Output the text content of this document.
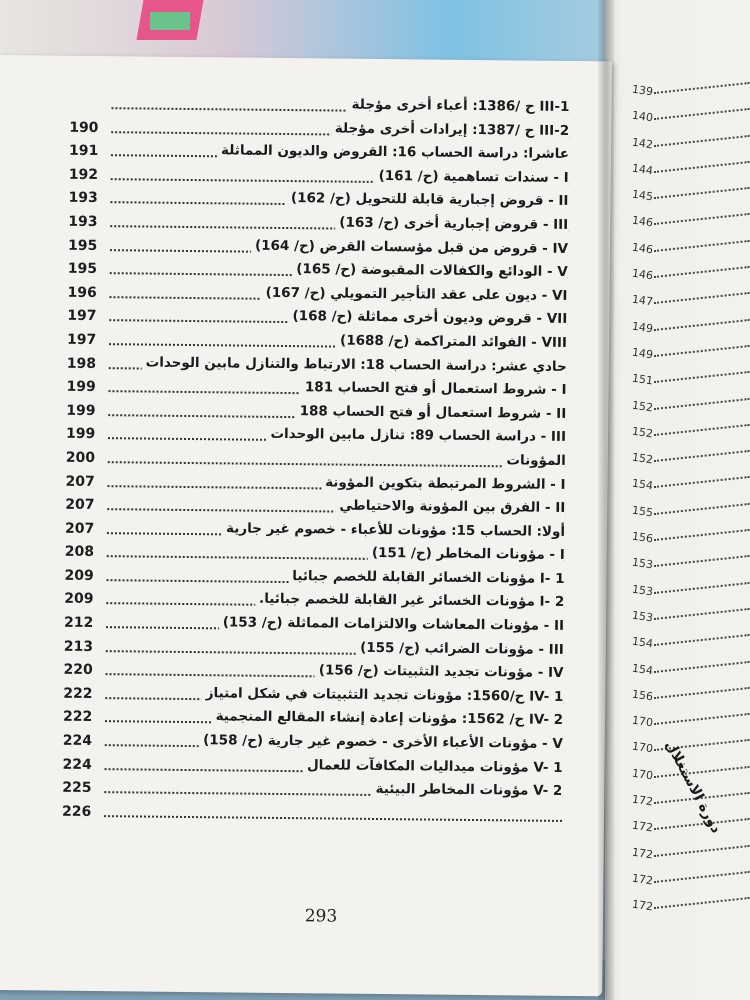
139
140
142
144
145
146
146
146
147
149
149
151
152
152
152
154
155
156
153
153
153
154
154
156
170
170
170
172
172
172
172
172
دورة الاستغلال
III-1 ح /1386: أعباء أخرى مؤجلة
190	III-2 ح /1387: إيرادات أخرى مؤجلة
191	عاشرا: دراسة الحساب 16: القروض والديون المماثلة
192	I - سندات تساهمية (ح/ 161)
193	II - قروض إجبارية قابلة للتحويل (ح/ 162)
193	III - قروض إجبارية أخرى (ح/ 163)
195	IV - قروض من قبل مؤسسات القرض (ح/ 164)
195	V - الودائع والكفالات المقبوضة (ح/ 165)
196	VI - ديون على عقد التأجير التمويلي (ح/ 167)
197	VII - قروض وديون أخرى مماثلة (ح/ 168)
197	VIII - الفوائد المتراكمة (ح/ 1688)
198	حادي عشر: دراسة الحساب 18: الارتباط والتنازل مابين الوحدات
199	I - شروط استعمال أو فتح الحساب 181
199	II - شروط استعمال أو فتح الحساب 188
199	III - دراسة الحساب 89: تنازل مابين الوحدات
200	المؤونات
207	I - الشروط المرتبطة بتكوين المؤونة
207	II - الفرق بين المؤونة والاحتياطي
207	أولا: الحساب 15: مؤونات للأعباء - خصوم غير جارية
208	I - مؤونات المخاطر (ح/ 151)
209	I- 1 مؤونات الخسائر القابلة للخصم جبائيا
209	I- 2 مؤونات الخسائر غير القابلة للخصم جبائيا.
212	II - مؤونات المعاشات والالتزامات المماثلة (ح/ 153)
213	III - مؤونات الضرائب (ح/ 155)
220	IV - مؤونات تجديد التثبيتات (ح/ 156)
222	IV- 1 ح/1560: مؤونات تجديد التثبيتات في شكل امتياز
222	IV- 2 ح/ 1562: مؤونات إعادة إنشاء المقالع المنجمية
224	V - مؤونات الأعباء الأخرى - خصوم غير جارية (ح/ 158)
224	V- 1 مؤونات ميداليات المكافآت للعمال
225	V- 2 مؤونات المخاطر البيئية
226
293
